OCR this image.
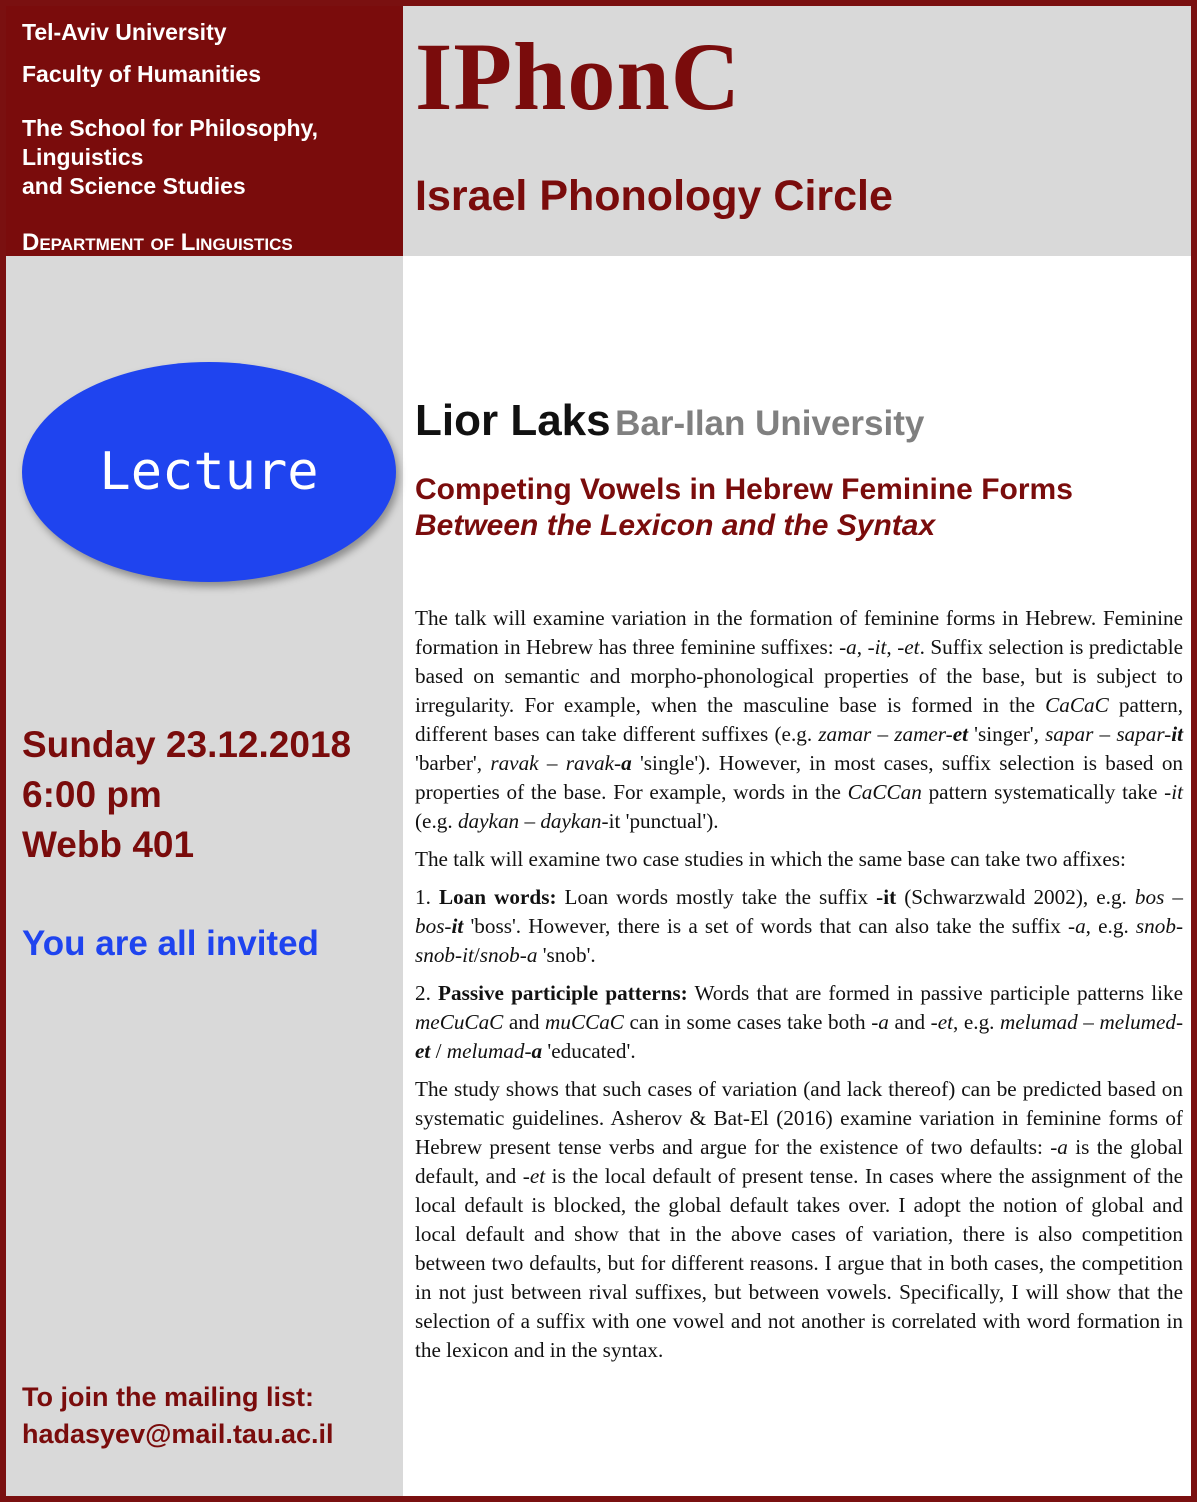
Tel-Aviv University
Faculty of Humanities
The School for Philosophy,
Linguistics
and Science Studies
Department of Linguistics
IPhonC
Israel Phonology Circle
Lecture
Sunday 23.12.2018
6:00 pm
Webb 401
You are all invited
To join the mailing list:
hadasyev@mail.tau.ac.il
Lior Laks Bar-Ilan University
Competing Vowels in Hebrew Feminine Forms
Between the Lexicon and the Syntax

The talk will examine variation in the formation of feminine forms in Hebrew. Feminine formation in Hebrew has three feminine suffixes: -a, -it, -et. Suffix selection is predictable based on semantic and morpho-phonological properties of the base, but is subject to irregularity. For example, when the masculine base is formed in the CaCaC pattern, different bases can take different suffixes (e.g. zamar – zamer-et 'singer', sapar – sapar-it 'barber', ravak – ravak-a 'single'). However, in most cases, suffix selection is based on properties of the base. For example, words in the CaCCan pattern systematically take -it (e.g. daykan – daykan-it 'punctual').

The talk will examine two case studies in which the same base can take two affixes:

1. Loan words: Loan words mostly take the suffix -it (Schwarzwald 2002), e.g. bos – bos-it 'boss'. However, there is a set of words that can also take the suffix -a, e.g. snob- snob-it/snob-a 'snob'.

2. Passive participle patterns: Words that are formed in passive participle patterns like meCuCaC and muCCaC can in some cases take both -a and -et, e.g. melumad – melumed-et / melumad-a 'educated'.

The study shows that such cases of variation (and lack thereof) can be predicted based on systematic guidelines. Asherov & Bat-El (2016) examine variation in feminine forms of Hebrew present tense verbs and argue for the existence of two defaults: -a is the global default, and -et is the local default of present tense. In cases where the assignment of the local default is blocked, the global default takes over. I adopt the notion of global and local default and show that in the above cases of variation, there is also competition between two defaults, but for different reasons. I argue that in both cases, the competition in not just between rival suffixes, but between vowels. Specifically, I will show that the selection of a suffix with one vowel and not another is correlated with word formation in the lexicon and in the syntax.
